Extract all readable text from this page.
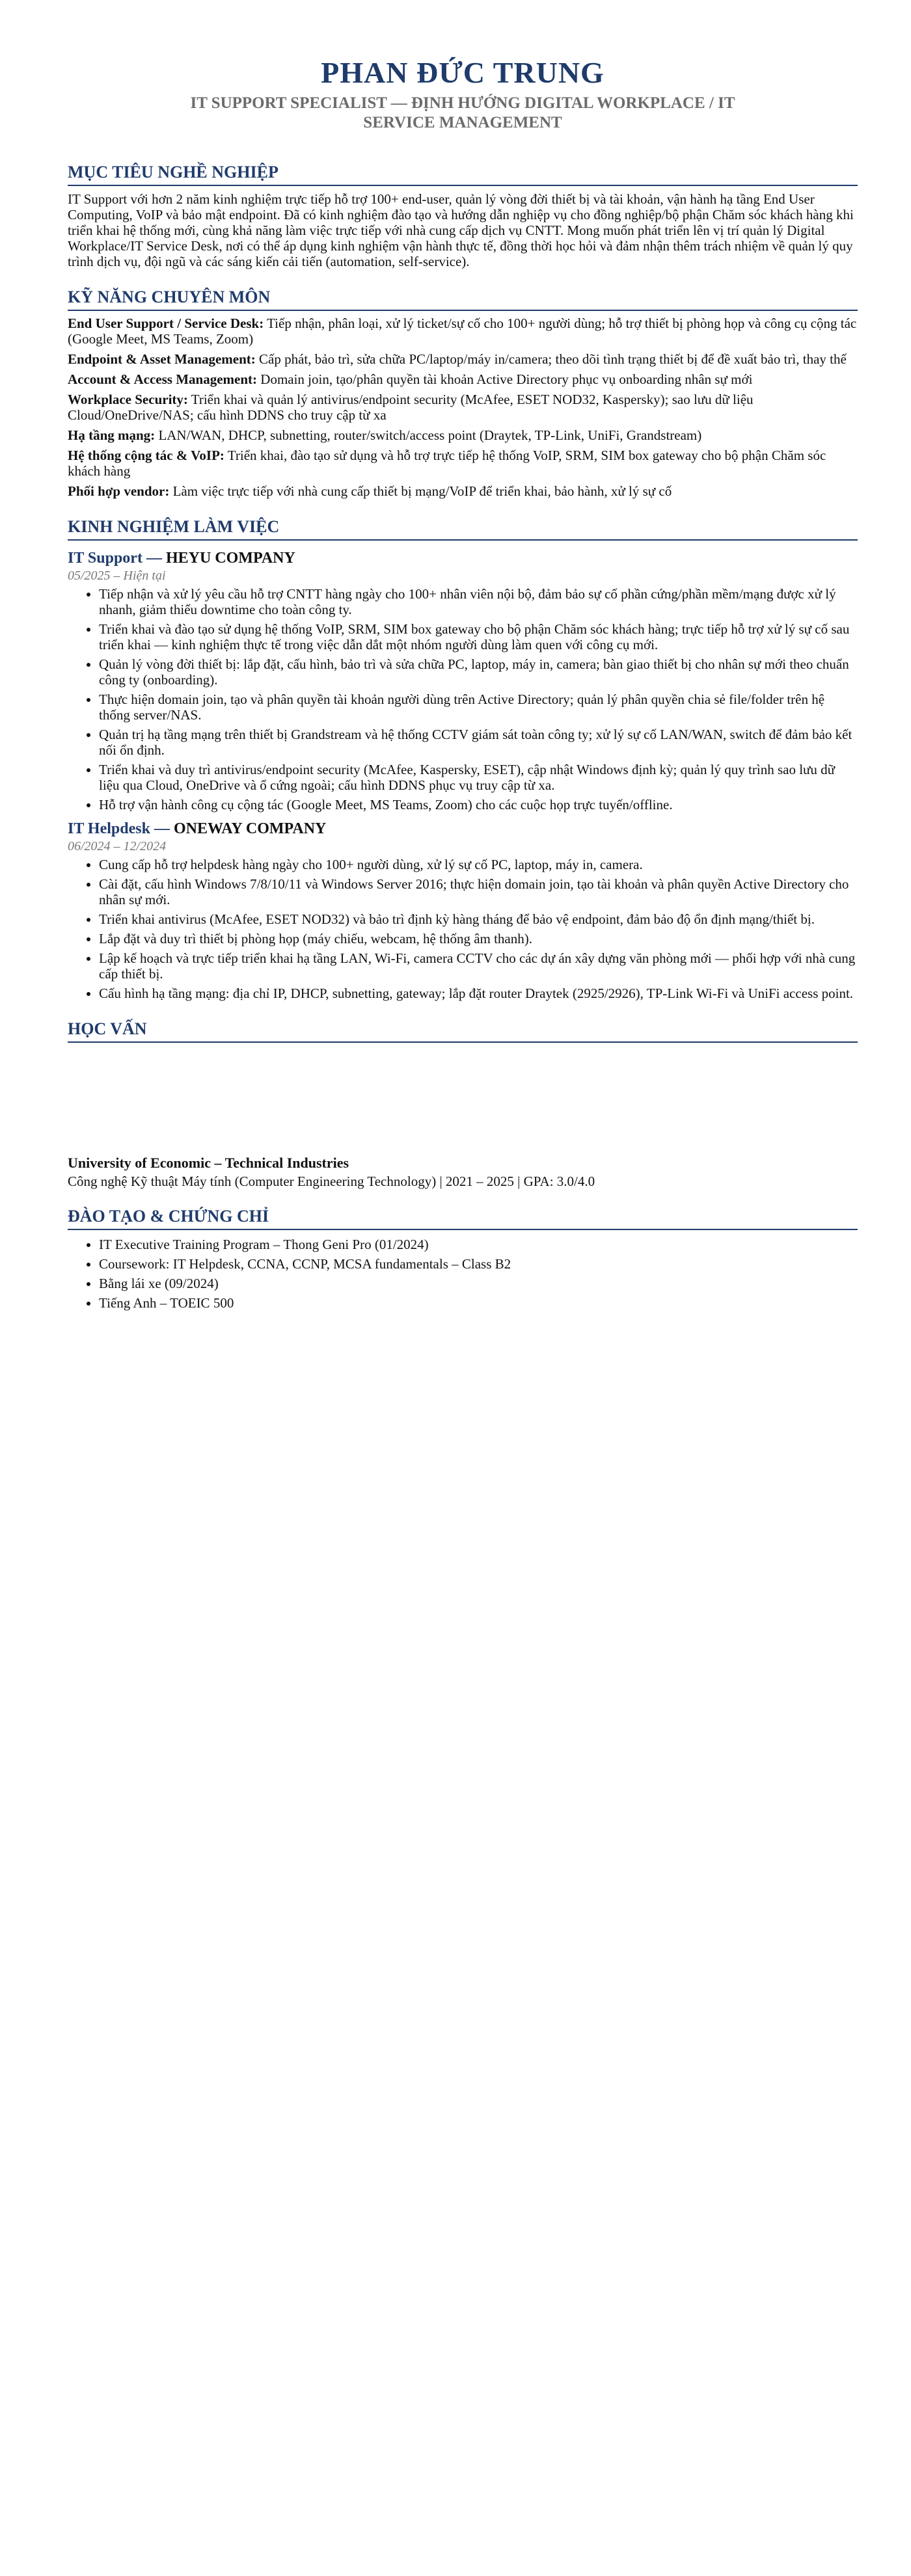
PHAN ĐỨC TRUNG
IT SUPPORT SPECIALIST — ĐỊNH HƯỚNG DIGITAL WORKPLACE / IT SERVICE MANAGEMENT
MỤC TIÊU NGHỀ NGHIỆP

IT Support với hơn 2 năm kinh nghiệm trực tiếp hỗ trợ 100+ end-user, quản lý vòng đời thiết bị và tài khoản, vận hành hạ tầng End User Computing, VoIP và bảo mật endpoint. Đã có kinh nghiệm đào tạo và hướng dẫn nghiệp vụ cho đồng nghiệp/bộ phận Chăm sóc khách hàng khi triển khai hệ thống mới, cùng khả năng làm việc trực tiếp với nhà cung cấp dịch vụ CNTT. Mong muốn phát triển lên vị trí quản lý Digital Workplace/IT Service Desk, nơi có thể áp dụng kinh nghiệm vận hành thực tế, đồng thời học hỏi và đảm nhận thêm trách nhiệm về quản lý quy trình dịch vụ, đội ngũ và các sáng kiến cải tiến (automation, self-service).

KỸ NĂNG CHUYÊN MÔN

End User Support / Service Desk: Tiếp nhận, phân loại, xử lý ticket/sự cố cho 100+ người dùng; hỗ trợ thiết bị phòng họp và công cụ cộng tác (Google Meet, MS Teams, Zoom)

Endpoint & Asset Management: Cấp phát, bảo trì, sửa chữa PC/laptop/máy in/camera; theo dõi tình trạng thiết bị để đề xuất bảo trì, thay thế

Account & Access Management: Domain join, tạo/phân quyền tài khoản Active Directory phục vụ onboarding nhân sự mới

Workplace Security: Triển khai và quản lý antivirus/endpoint security (McAfee, ESET NOD32, Kaspersky); sao lưu dữ liệu Cloud/OneDrive/NAS; cấu hình DDNS cho truy cập từ xa

Hạ tầng mạng: LAN/WAN, DHCP, subnetting, router/switch/access point (Draytek, TP-Link, UniFi, Grandstream)

Hệ thống cộng tác & VoIP: Triển khai, đào tạo sử dụng và hỗ trợ trực tiếp hệ thống VoIP, SRM, SIM box gateway cho bộ phận Chăm sóc khách hàng

Phối hợp vendor: Làm việc trực tiếp với nhà cung cấp thiết bị mạng/VoIP để triển khai, bảo hành, xử lý sự cố

KINH NGHIỆM LÀM VIỆC

IT Support — HEYU COMPANY

05/2025 – Hiện tại

• Tiếp nhận và xử lý yêu cầu hỗ trợ CNTT hàng ngày cho 100+ nhân viên nội bộ, đảm bảo sự cố phần cứng/phần mềm/mạng được xử lý nhanh, giảm thiểu downtime cho toàn công ty.
• Triển khai và đào tạo sử dụng hệ thống VoIP, SRM, SIM box gateway cho bộ phận Chăm sóc khách hàng; trực tiếp hỗ trợ xử lý sự cố sau triển khai — kinh nghiệm thực tế trong việc dẫn dắt một nhóm người dùng làm quen với công cụ mới.
• Quản lý vòng đời thiết bị: lắp đặt, cấu hình, bảo trì và sửa chữa PC, laptop, máy in, camera; bàn giao thiết bị cho nhân sự mới theo chuẩn công ty (onboarding).
• Thực hiện domain join, tạo và phân quyền tài khoản người dùng trên Active Directory; quản lý phân quyền chia sẻ file/folder trên hệ thống server/NAS.
• Quản trị hạ tầng mạng trên thiết bị Grandstream và hệ thống CCTV giám sát toàn công ty; xử lý sự cố LAN/WAN, switch để đảm bảo kết nối ổn định.
• Triển khai và duy trì antivirus/endpoint security (McAfee, Kaspersky, ESET), cập nhật Windows định kỳ; quản lý quy trình sao lưu dữ liệu qua Cloud, OneDrive và ổ cứng ngoài; cấu hình DDNS phục vụ truy cập từ xa.
• Hỗ trợ vận hành công cụ cộng tác (Google Meet, MS Teams, Zoom) cho các cuộc họp trực tuyến/offline.

IT Helpdesk — ONEWAY COMPANY

06/2024 – 12/2024

• Cung cấp hỗ trợ helpdesk hàng ngày cho 100+ người dùng, xử lý sự cố PC, laptop, máy in, camera.
• Cài đặt, cấu hình Windows 7/8/10/11 và Windows Server 2016; thực hiện domain join, tạo tài khoản và phân quyền Active Directory cho nhân sự mới.
• Triển khai antivirus (McAfee, ESET NOD32) và bảo trì định kỳ hàng tháng để bảo vệ endpoint, đảm bảo độ ổn định mạng/thiết bị.
• Lắp đặt và duy trì thiết bị phòng họp (máy chiếu, webcam, hệ thống âm thanh).
• Lập kế hoạch và trực tiếp triển khai hạ tầng LAN, Wi-Fi, camera CCTV cho các dự án xây dựng văn phòng mới — phối hợp với nhà cung cấp thiết bị.
• Cấu hình hạ tầng mạng: địa chỉ IP, DHCP, subnetting, gateway; lắp đặt router Draytek (2925/2926), TP-Link Wi-Fi và UniFi access point.
HỌC VẤN

University of Economic – Technical Industries

Công nghệ Kỹ thuật Máy tính (Computer Engineering Technology) | 2021 – 2025 | GPA: 3.0/4.0

ĐÀO TẠO & CHỨNG CHỈ
• IT Executive Training Program – Thong Geni Pro (01/2024)
• Coursework: IT Helpdesk, CCNA, CCNP, MCSA fundamentals – Class B2
• Bằng lái xe (09/2024)
• Tiếng Anh – TOEIC 500
